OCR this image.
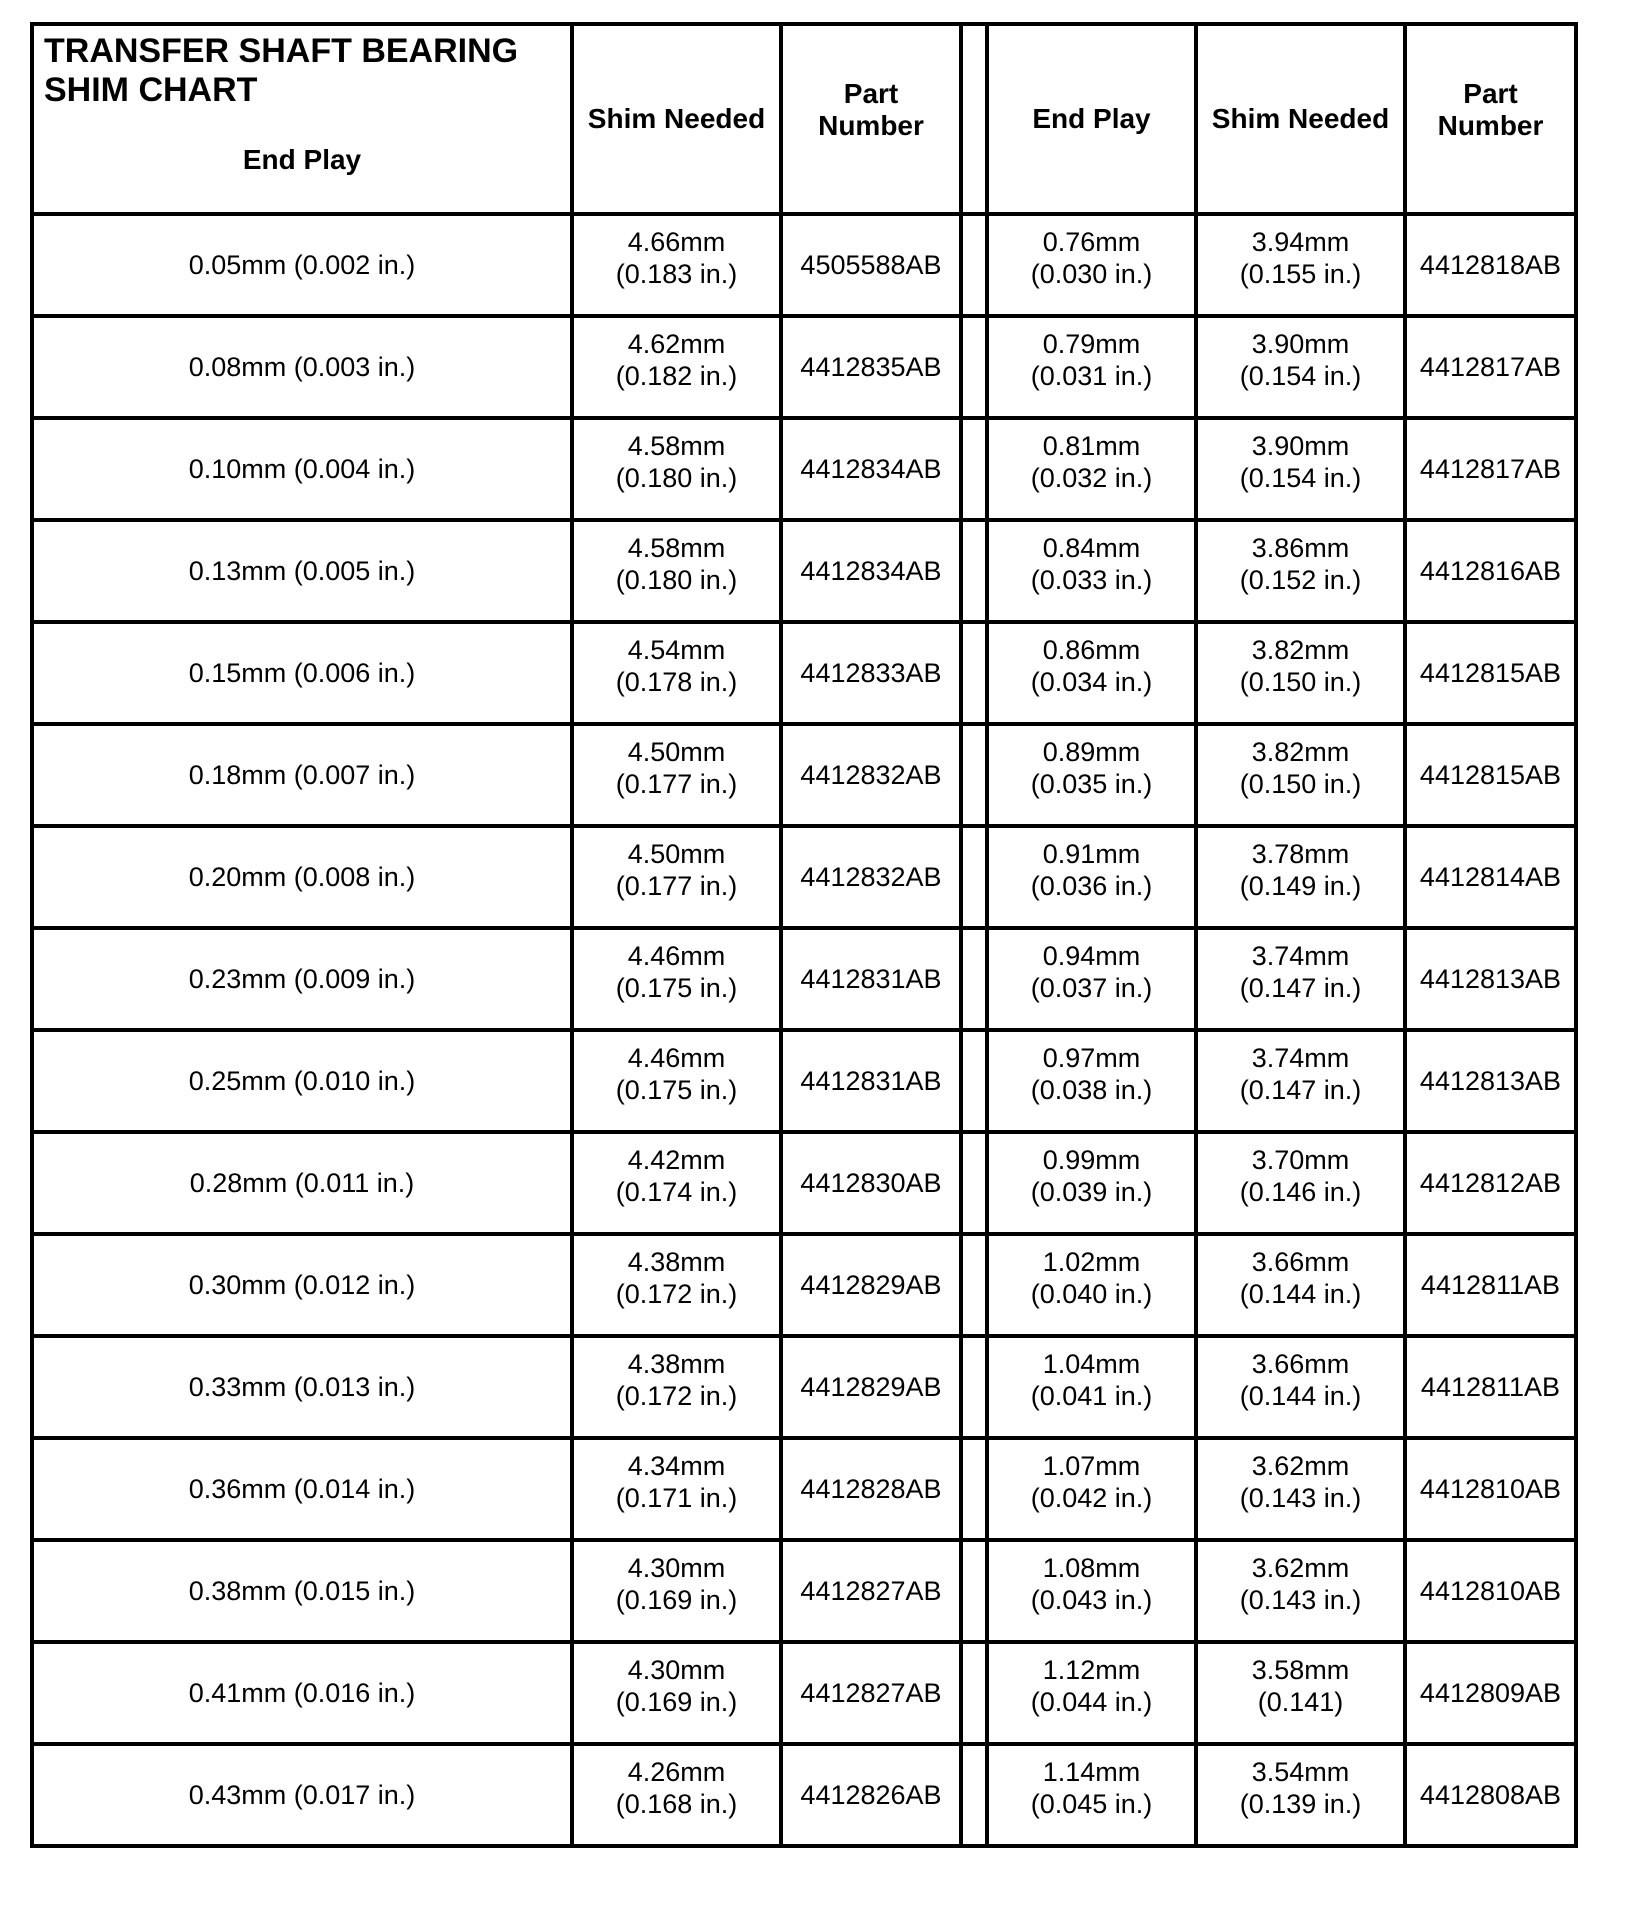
TRANSFER SHAFT BEARING
SHIM CHART
End Play	Shim Needed	Part
Number		End Play	Shim Needed	Part
Number

0.05mm (0.002 in.)	4.66mm
(0.183 in.)	4505588AB		0.76mm
(0.030 in.)	3.94mm
(0.155 in.)	4412818AB

0.08mm (0.003 in.)	4.62mm
(0.182 in.)	4412835AB		0.79mm
(0.031 in.)	3.90mm
(0.154 in.)	4412817AB

0.10mm (0.004 in.)	4.58mm
(0.180 in.)	4412834AB		0.81mm
(0.032 in.)	3.90mm
(0.154 in.)	4412817AB

0.13mm (0.005 in.)	4.58mm
(0.180 in.)	4412834AB		0.84mm
(0.033 in.)	3.86mm
(0.152 in.)	4412816AB

0.15mm (0.006 in.)	4.54mm
(0.178 in.)	4412833AB		0.86mm
(0.034 in.)	3.82mm
(0.150 in.)	4412815AB

0.18mm (0.007 in.)	4.50mm
(0.177 in.)	4412832AB		0.89mm
(0.035 in.)	3.82mm
(0.150 in.)	4412815AB

0.20mm (0.008 in.)	4.50mm
(0.177 in.)	4412832AB		0.91mm
(0.036 in.)	3.78mm
(0.149 in.)	4412814AB

0.23mm (0.009 in.)	4.46mm
(0.175 in.)	4412831AB		0.94mm
(0.037 in.)	3.74mm
(0.147 in.)	4412813AB

0.25mm (0.010 in.)	4.46mm
(0.175 in.)	4412831AB		0.97mm
(0.038 in.)	3.74mm
(0.147 in.)	4412813AB

0.28mm (0.011 in.)	4.42mm
(0.174 in.)	4412830AB		0.99mm
(0.039 in.)	3.70mm
(0.146 in.)	4412812AB

0.30mm (0.012 in.)	4.38mm
(0.172 in.)	4412829AB		1.02mm
(0.040 in.)	3.66mm
(0.144 in.)	4412811AB

0.33mm (0.013 in.)	4.38mm
(0.172 in.)	4412829AB		1.04mm
(0.041 in.)	3.66mm
(0.144 in.)	4412811AB

0.36mm (0.014 in.)	4.34mm
(0.171 in.)	4412828AB		1.07mm
(0.042 in.)	3.62mm
(0.143 in.)	4412810AB

0.38mm (0.015 in.)	4.30mm
(0.169 in.)	4412827AB		1.08mm
(0.043 in.)	3.62mm
(0.143 in.)	4412810AB

0.41mm (0.016 in.)	4.30mm
(0.169 in.)	4412827AB		1.12mm
(0.044 in.)	3.58mm
(0.141)	4412809AB

0.43mm (0.017 in.)	4.26mm
(0.168 in.)	4412826AB		1.14mm
(0.045 in.)	3.54mm
(0.139 in.)	4412808AB
